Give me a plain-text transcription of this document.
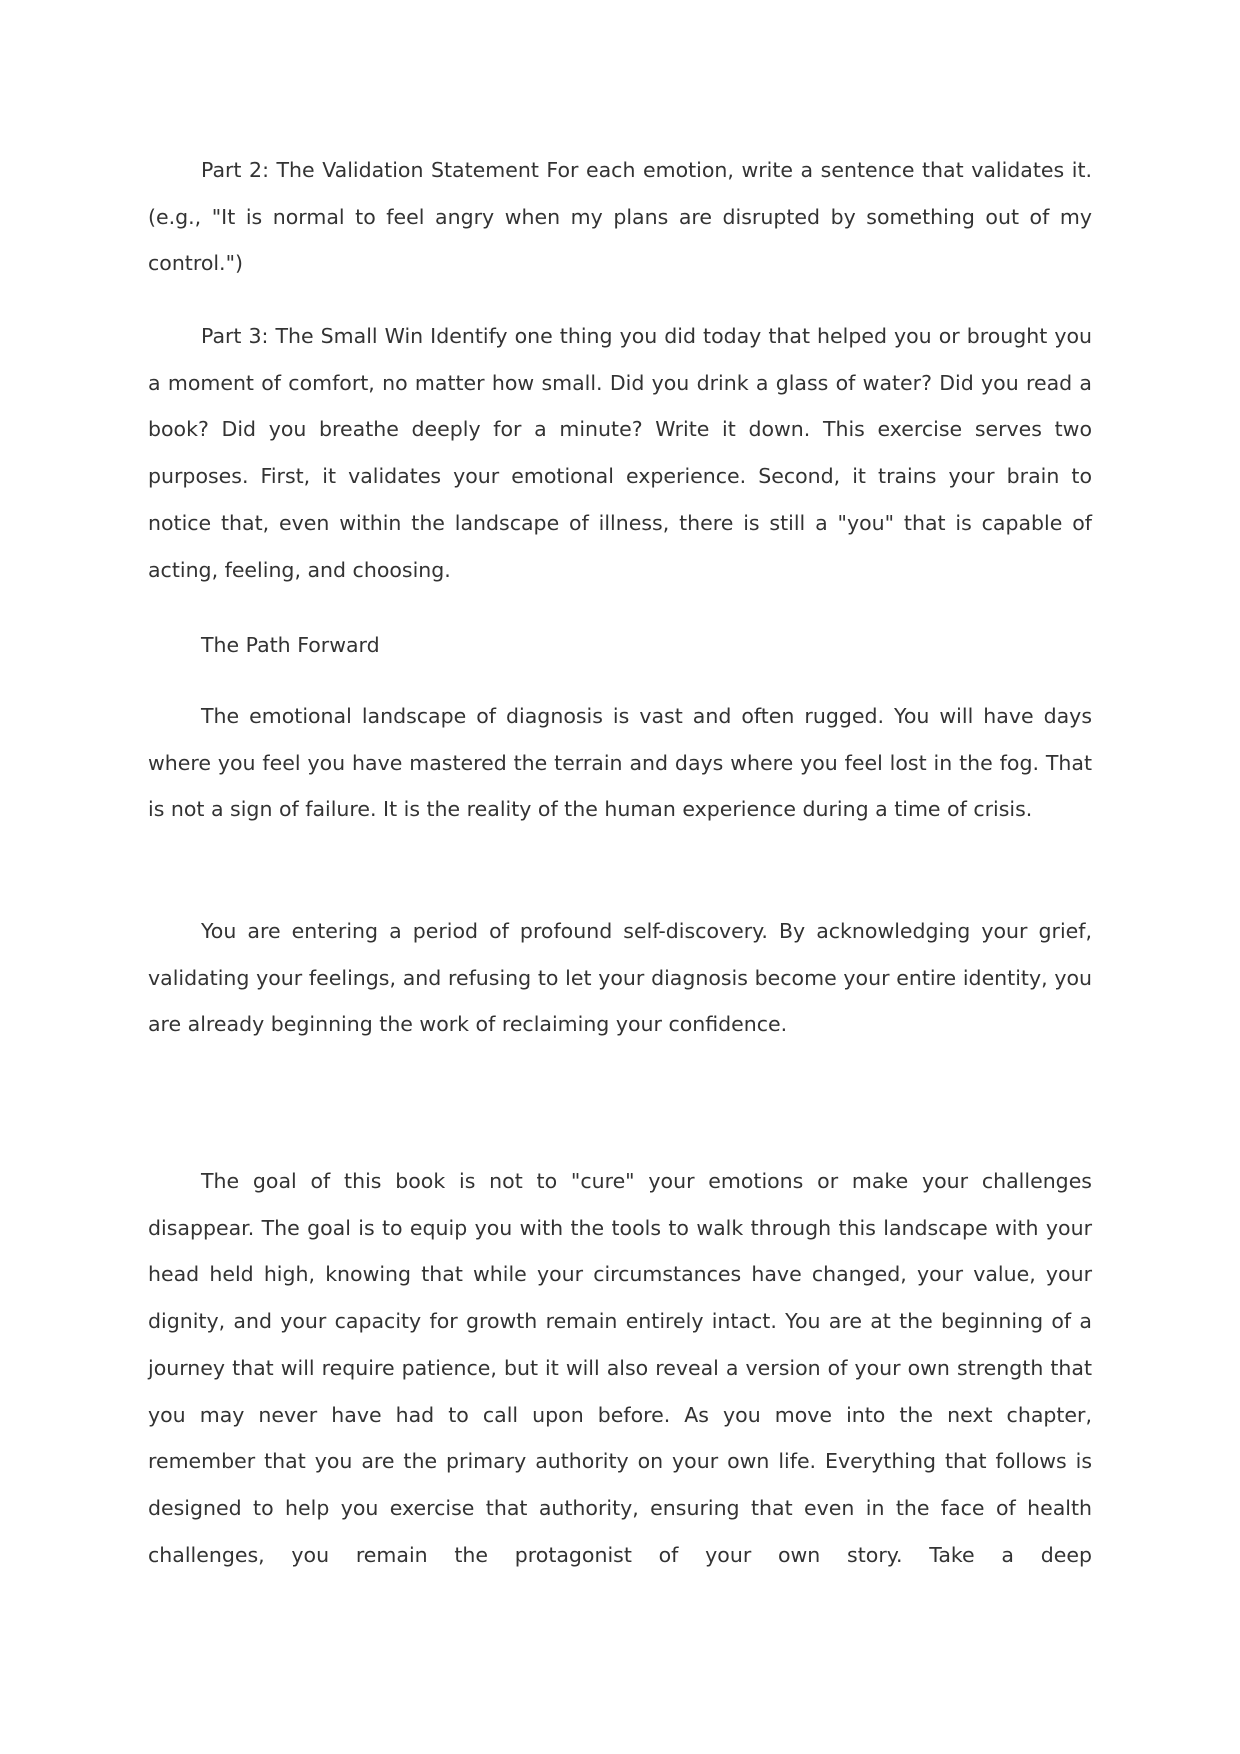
Part 2: The Validation Statement For each emotion, write a sentence that validates it. (e.g., "It is normal to feel angry when my plans are disrupted by something out of my control.")

Part 3: The Small Win Identify one thing you did today that helped you or brought you a moment of comfort, no matter how small. Did you drink a glass of water? Did you read a book? Did you breathe deeply for a minute? Write it down. This exercise serves two purposes. First, it validates your emotional experience. Second, it trains your brain to notice that, even within the landscape of illness, there is still a "you" that is capable of acting, feeling, and choosing.

The Path Forward

The emotional landscape of diagnosis is vast and often rugged. You will have days where you feel you have mastered the terrain and days where you feel lost in the fog. That is not a sign of failure. It is the reality of the human experience during a time of crisis.

You are entering a period of profound self-discovery. By acknowledging your grief, validating your feelings, and refusing to let your diagnosis become your entire identity, you are already beginning the work of reclaiming your confidence.

The goal of this book is not to "cure" your emotions or make your challenges disappear. The goal is to equip you with the tools to walk through this landscape with your head held high, knowing that while your circumstances have changed, your value, your dignity, and your capacity for growth remain entirely intact. You are at the beginning of a journey that will require patience, but it will also reveal a version of your own strength that you may never have had to call upon before. As you move into the next chapter, remember that you are the primary authority on your own life. Everything that follows is designed to help you exercise that authority, ensuring that even in the face of health challenges, you remain the protagonist of your own story. Take a deep
